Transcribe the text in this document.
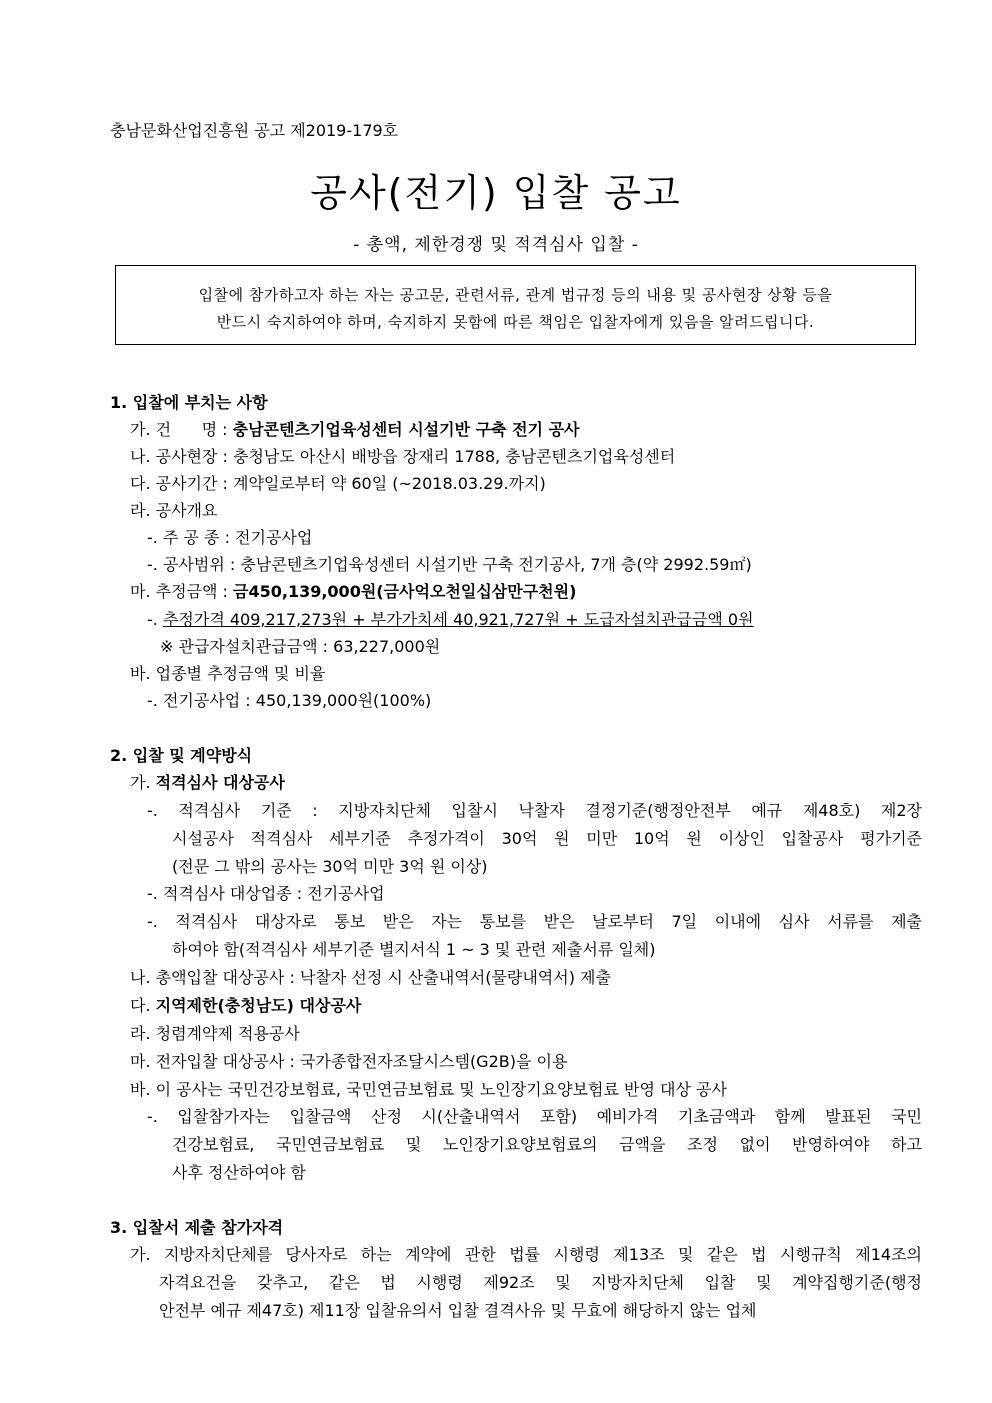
충남문화산업진흥원 공고 제2019-179호
공사(전기) 입찰 공고
- 총액, 제한경쟁 및 적격심사 입찰 -
입찰에 참가하고자 하는 자는 공고문, 관련서류, 관계 법규정 등의 내용 및 공사현장 상황 등을
반드시 숙지하여야 하며, 숙지하지 못함에 따른 책임은 입찰자에게 있음을 알려드립니다.
1. 입찰에 부치는 사항
가. 건      명 : 충남콘텐츠기업육성센터 시설기반 구축 전기 공사
나. 공사현장 : 충청남도 아산시 배방읍 장재리 1788, 충남콘텐츠기업육성센터
다. 공사기간 : 계약일로부터 약 60일 (~2018.03.29.까지)
라. 공사개요
-. 주 공 종 : 전기공사업
-. 공사범위 : 충남콘텐츠기업육성센터 시설기반 구축 전기공사, 7개 층(약 2992.59㎡)
마. 추정금액 : 금450,139,000원(금사억오천일십삼만구천원)
-. 추정가격 409,217,273원 + 부가가치세 40,921,727원 + 도급자설치관급금액 0원
※ 관급자설치관급금액 : 63,227,000원
바. 업종별 추정금액 및 비율
-. 전기공사업 : 450,139,000원(100%)
2. 입찰 및 계약방식
가. 적격심사 대상공사
-. 적격심사 기준 : 지방자치단체 입찰시 낙찰자 결정기준(행정안전부 예규 제48호) 제2장
시설공사 적격심사 세부기준 추정가격이 30억 원 미만 10억 원 이상인 입찰공사 평가기준
(전문 그 밖의 공사는 30억 미만 3억 원 이상)
-. 적격심사 대상업종 : 전기공사업
-. 적격심사 대상자로 통보 받은 자는 통보를 받은 날로부터 7일 이내에 심사 서류를 제출
하여야 함(적격심사 세부기준 별지서식 1 ~ 3 및 관련 제출서류 일체)
나. 총액입찰 대상공사 : 낙찰자 선정 시 산출내역서(물량내역서) 제출
다. 지역제한(충청남도) 대상공사
라. 청렴계약제 적용공사
마. 전자입찰 대상공사 : 국가종합전자조달시스템(G2B)을 이용
바. 이 공사는 국민건강보험료, 국민연금보험료 및 노인장기요양보험료 반영 대상 공사
-. 입찰참가자는 입찰금액 산정 시(산출내역서 포함) 예비가격 기초금액과 함께 발표된 국민
건강보험료, 국민연금보험료 및 노인장기요양보험료의 금액을 조정 없이 반영하여야 하고
사후 정산하여야 함
3. 입찰서 제출 참가자격
가. 지방자치단체를 당사자로 하는 계약에 관한 법률 시행령 제13조 및 같은 법 시행규칙 제14조의
자격요건을 갖추고, 같은 법 시행령 제92조 및 지방자치단체 입찰 및 계약집행기준(행정
안전부 예규 제47호) 제11장 입찰유의서 입찰 결격사유 및 무효에 해당하지 않는 업체
